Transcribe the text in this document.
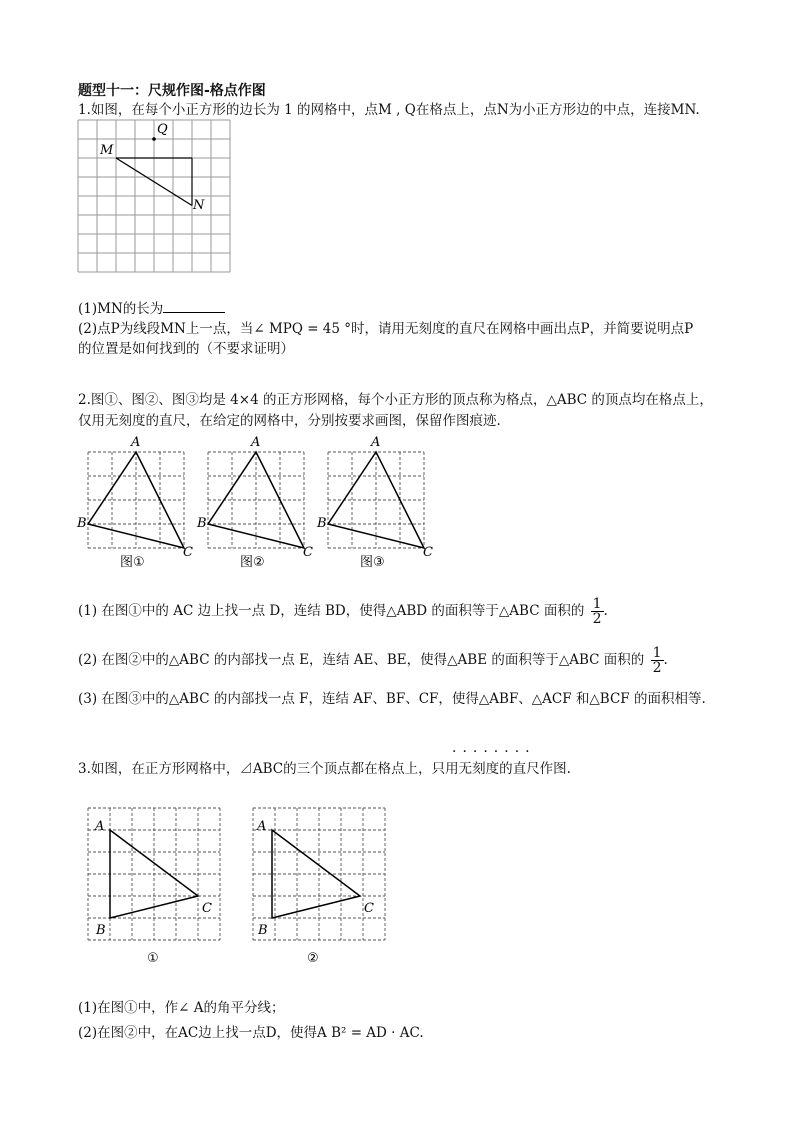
题型十一：尺规作图-格点作图
1.如图，在每个小正方形的边长为 1 的网格中，点M , Q在格点上，点N为小正方形边的中点，连接MN.
Q
M
N
(1)MN的长为
(2)点P为线段MN上一点，当∠ MPQ = 45 °时，请用无刻度的直尺在网格中画出点P，并简要说明点P
的位置是如何找到的（不要求证明）
2.图①、图②、图③均是 4×4 的正方形网格，每个小正方形的顶点称为格点，△ABC 的顶点均在格点上，
仅用无刻度的直尺，在给定的网格中，分别按要求画图，保留作图痕迹.
A
B
C
图①
A
B
C
图②
A
B
C
图③
(1) 在图①中的 AC 边上找一点 D，连结 BD，使得△ABD 的面积等于△ABC 面积的 $\frac{1}{2}$ .
(2) 在图②中的△ABC 的内部找一点 E，连结 AE、BE，使得△ABE 的面积等于△ABC 面积的 $\frac{1}{2}$ .
(3) 在图③中的△ABC 的内部找一点 F，连结 AF、BF、CF，使得△ABF、△ACF 和△BCF 的面积相等.
········
3.如图，在正方形网格中，⊿ABC的三个顶点都在格点上，只用无刻度的直尺作图.
A
B
C
①
A
B
C
②
(1)在图①中，作∠ A的角平分线；
(2)在图②中，在AC边上找一点D，使得A B² = AD · AC.
